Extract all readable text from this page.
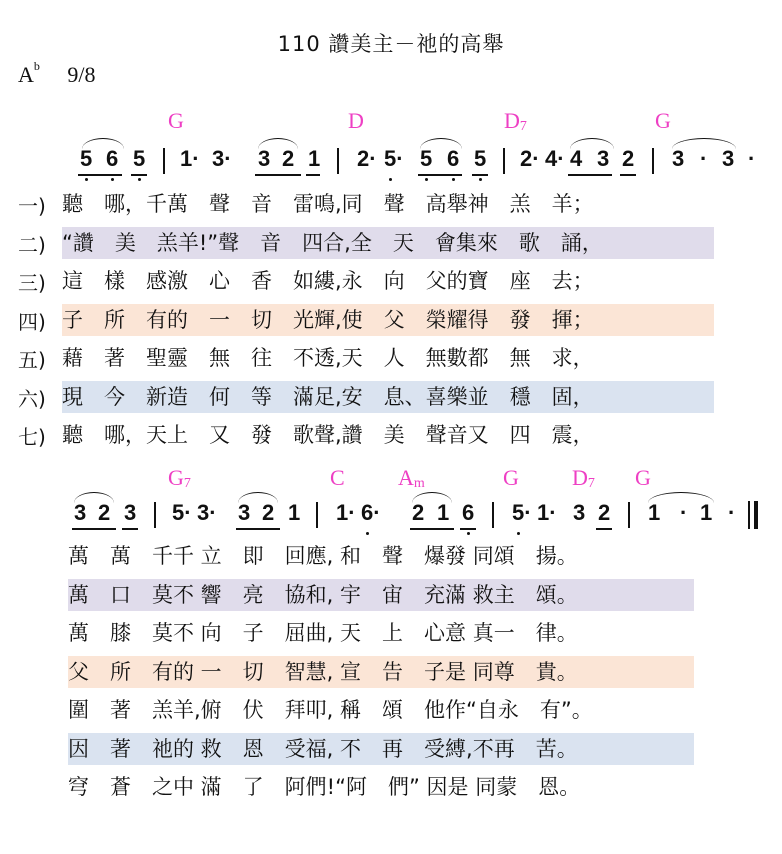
110 讚美主－祂的高舉
$A^b$ 9/8
G	D	$D_7$	G
5 6 5 1· 3· 3 2 1 2· 5· 5 6 5 2· 4· 4 3 2 3 · 3 ·
一) 聽　哪，千萬　聲　音　雷鳴,同　聲　高舉神　羔　羊；
二) “讚　美　羔羊!”聲　音　四合,全　天　會集來　歌　誦，
三) 這　樣　感激　心　香　如縷,永　向　父的寶　座　去；
四) 子　所　有的　一　切　光輝,使　父　榮耀得　發　揮；
五) 藉　著　聖靈　無　往　不透,天　人　無數都　無　求，
六) 現　今　新造　何　等　滿足,安　息、喜樂並　穩　固，
七) 聽　哪，天上　又　發　歌聲,讚　美　聲音又　四　震，
$G_7$	C $A_m$	G $D_7$ G
3 2 3 5· 3· 3 2 1 1· 6· 2 1 6 5· 1· 3 2 1 · 1 ·
萬　萬　千千 立　即　回應, 和　聲　爆發 同頌　揚。
萬　口　莫不 響　亮　協和, 宇　宙　充滿 救主　頌。
萬　膝　莫不 向　子　屈曲, 天　上　心意 真一　律。
父　所　有的 一　切　智慧, 宣　告　子是 同尊　貴。
圍　著　羔羊,俯　伏　拜叩, 稱　頌　他作“自永　有”。
因　著　祂的 救　恩　受福, 不　再　受縛,不再　苦。
穹　蒼　之中 滿　了　阿們!“阿　們” 因是 同蒙　恩。
